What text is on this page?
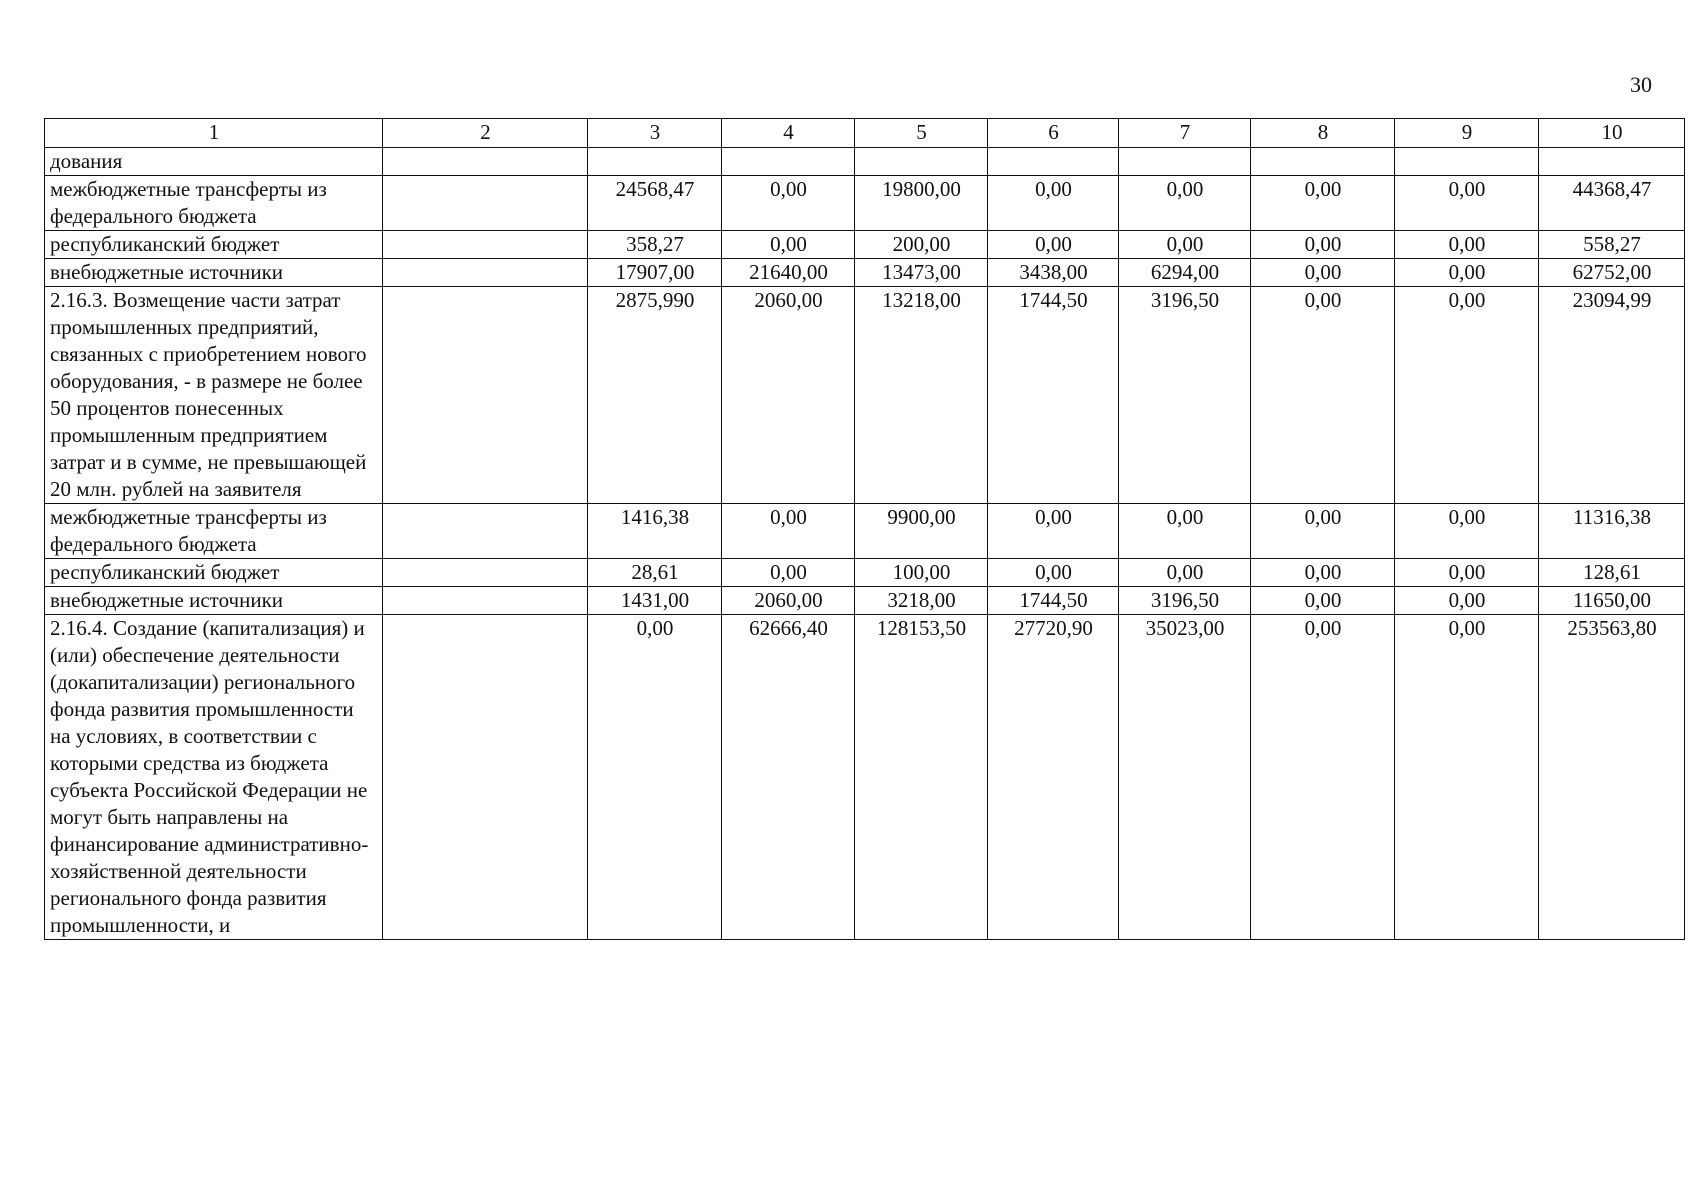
30
1	2	3	4	5	6	7	8	9	10
дования									
межбюджетные трансферты из федерального бюджета		24568,47	0,00	19800,00	0,00	0,00	0,00	0,00	44368,47
республиканский бюджет		358,27	0,00	200,00	0,00	0,00	0,00	0,00	558,27
внебюджетные источники		17907,00	21640,00	13473,00	3438,00	6294,00	0,00	0,00	62752,00
2.16.3. Возмещение части затрат промышленных предприятий, связанных с приобретением нового оборудования, - в размере не более 50 процентов понесенных промышленным предприятием затрат и в сумме, не превышающей 20 млн. рублей на заявителя		2875,990	2060,00	13218,00	1744,50	3196,50	0,00	0,00	23094,99
межбюджетные трансферты из федерального бюджета		1416,38	0,00	9900,00	0,00	0,00	0,00	0,00	11316,38
республиканский бюджет		28,61	0,00	100,00	0,00	0,00	0,00	0,00	128,61
внебюджетные источники		1431,00	2060,00	3218,00	1744,50	3196,50	0,00	0,00	11650,00
2.16.4. Создание (капитализация) и (или) обеспечение деятельности (докапитализации) регионального фонда развития промышленности на условиях, в соответствии с которыми средства из бюджета субъекта Российской Федерации не могут быть направлены на финансирование административно-хозяйственной деятельности регионального фонда развития промышленности, и		0,00	62666,40	128153,50	27720,90	35023,00	0,00	0,00	253563,80
